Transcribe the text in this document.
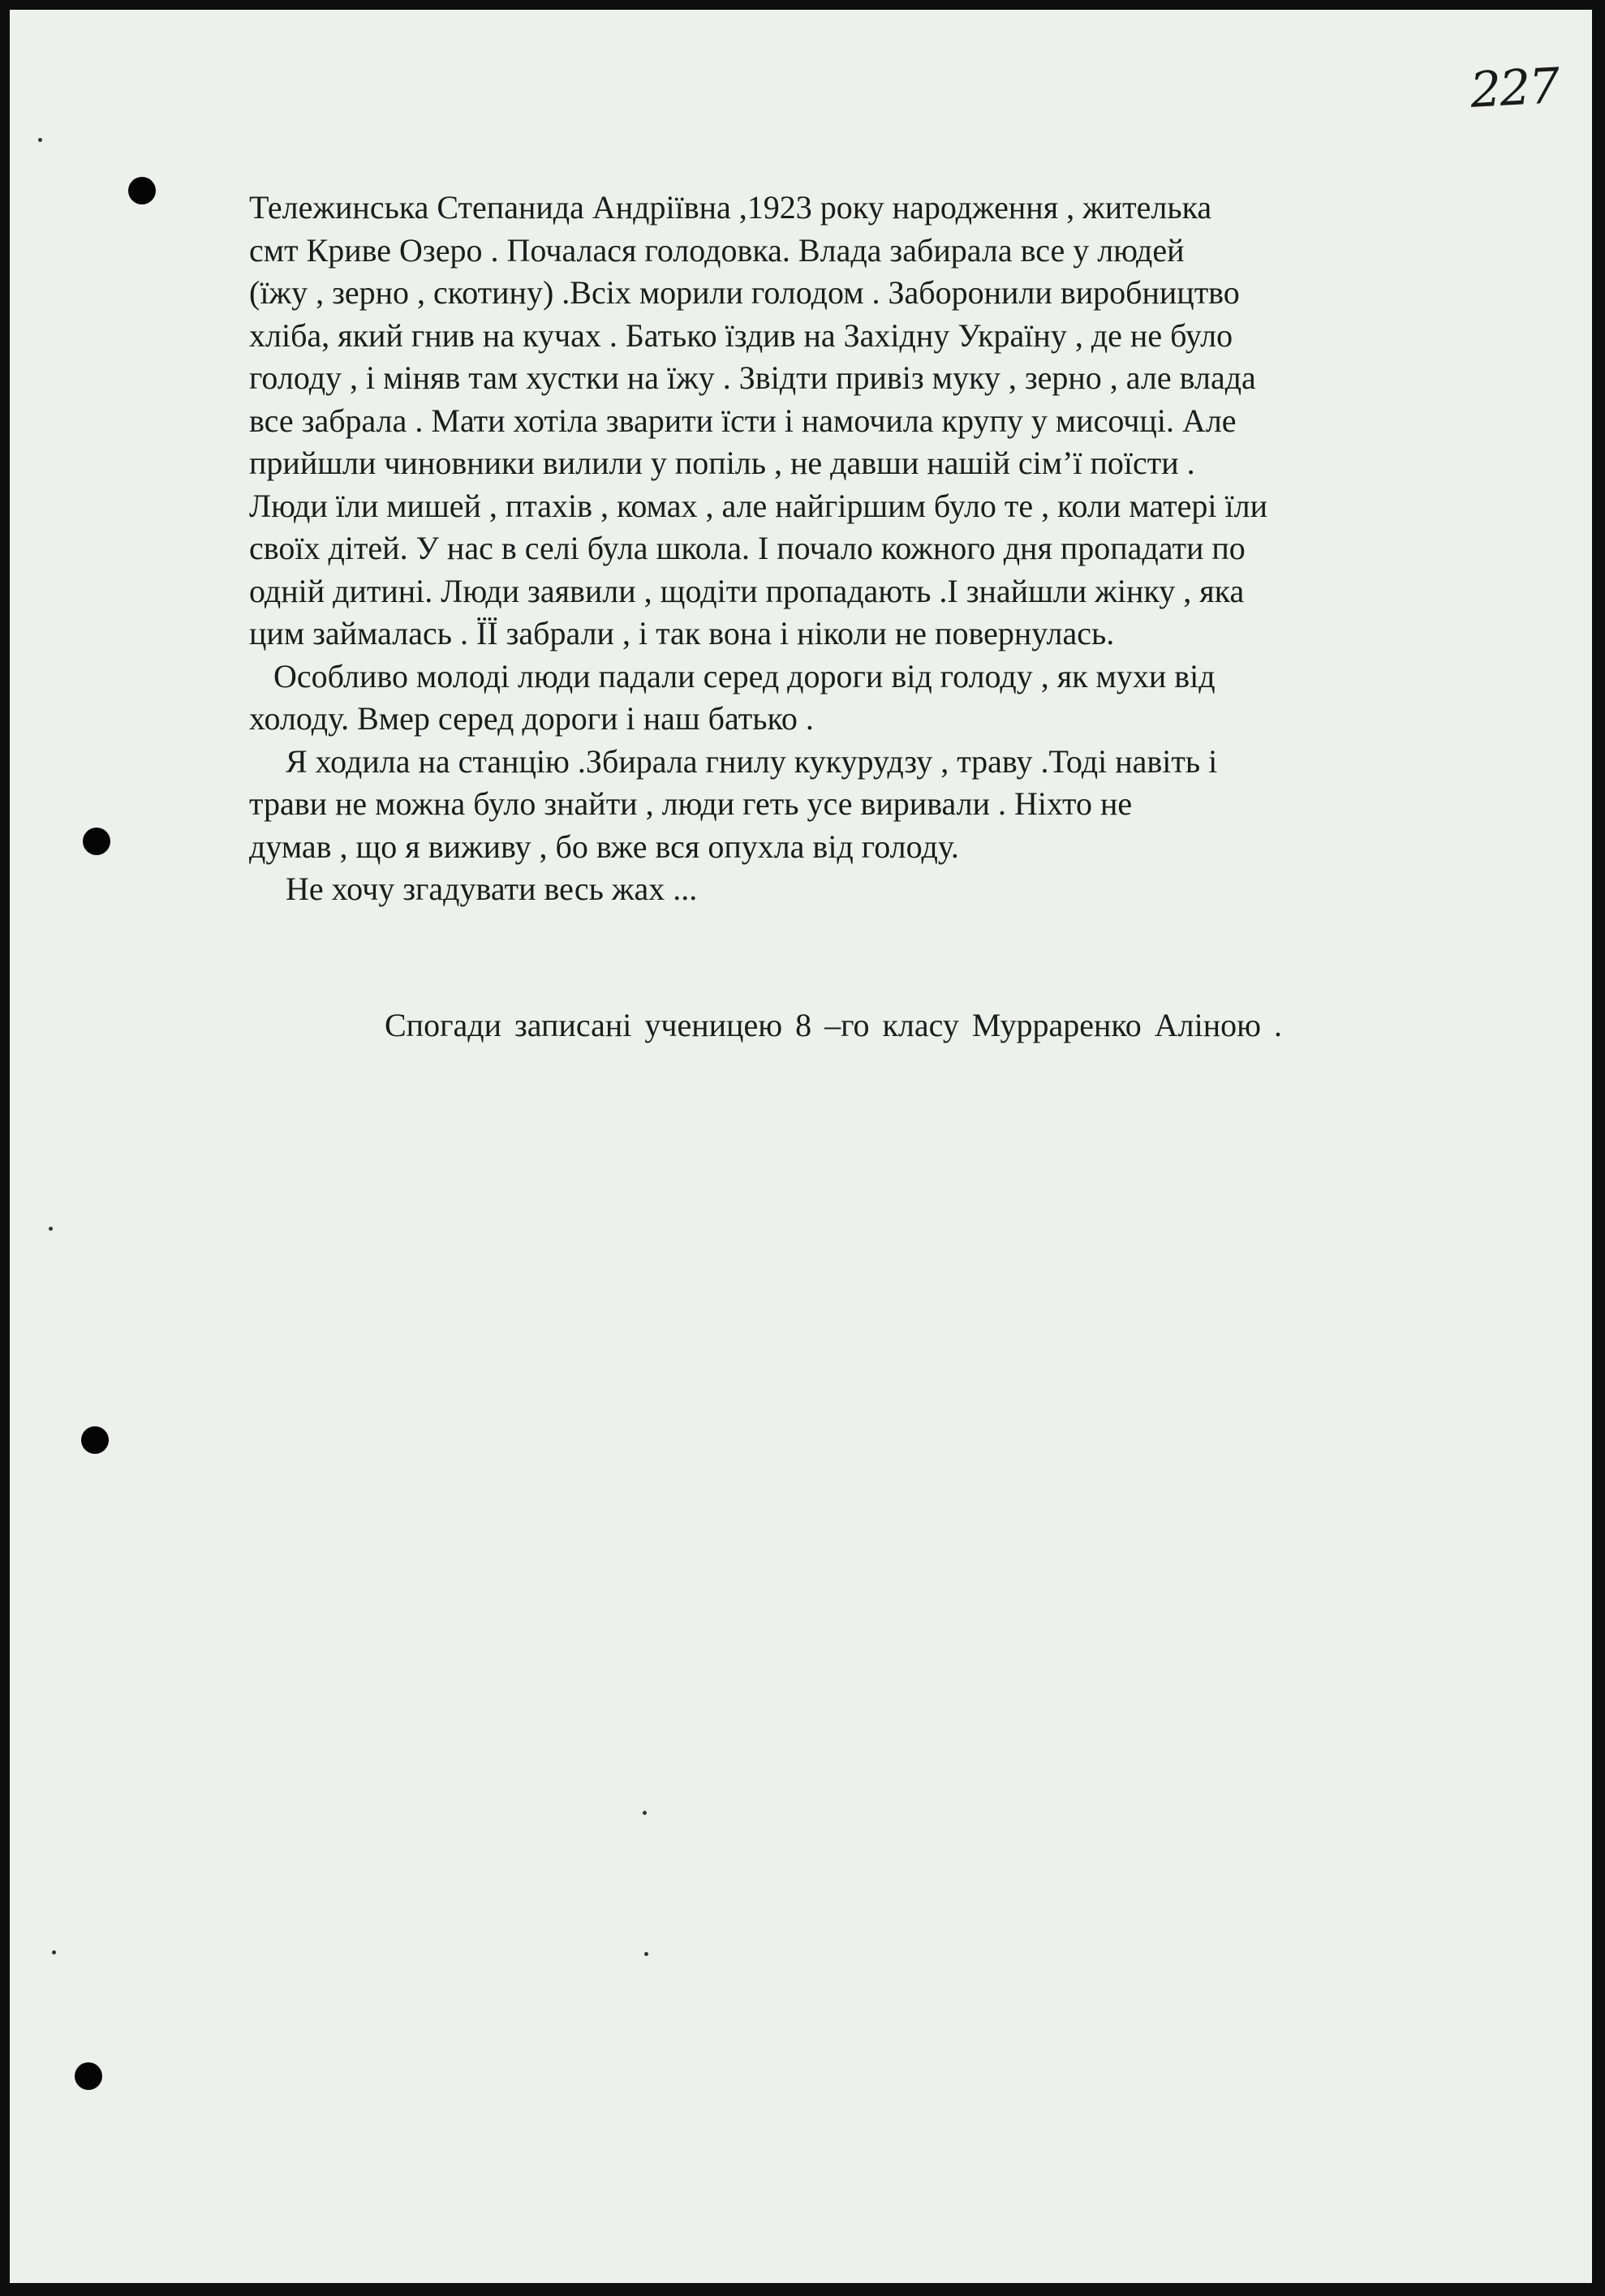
227
Тележинська Степанида Андріївна ,1923 року народження , жителька
смт Криве Озеро . Почалася голодовка. Влада забирала все у людей
(їжу , зерно , скотину) .Всіх морили голодом . Заборонили виробництво
хліба, який гнив на кучах . Батько їздив на Західну Україну , де не було
голоду , і міняв там хустки на їжу . Звідти привіз муку , зерно , але влада
все забрала . Мати хотіла зварити їсти і намочила крупу у мисочці. Але
прийшли чиновники вилили у попіль , не давши нашій сім’ї поїсти .
Люди їли мишей , птахів , комах , але найгіршим було те , коли матері їли
своїх дітей. У нас в селі була школа. І почало кожного дня пропадати по
одній дитині. Люди заявили , щодіти пропадають .І знайшли жінку , яка
цим займалась . ЇЇ забрали , і так вона і ніколи не повернулась.
Особливо молоді люди падали серед дороги від голоду , як мухи від
холоду. Вмер серед дороги і наш батько .
Я ходила на станцію .Збирала гнилу кукурудзу , траву .Тоді навіть і
трави не можна було знайти , люди геть усе виривали . Ніхто не
думав , що я виживу , бо вже вся опухла від голоду.
Не хочу згадувати весь жах ...
Спогади записані ученицею 8 –го класу Мурраренко Аліною .
